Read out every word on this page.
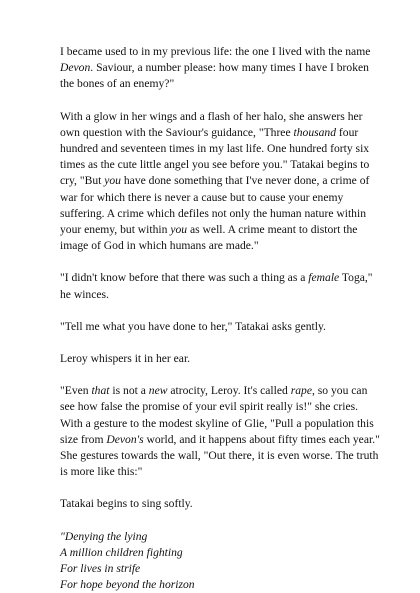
I became used to in my previous life: the one I lived with the name Devon. Saviour, a number please: how many times I have I broken the bones of an enemy?"

With a glow in her wings and a flash of her halo, she answers her own question with the Saviour's guidance, "Three thousand four hundred and seventeen times in my last life. One hundred forty six times as the cute little angel you see before you." Tatakai begins to cry, "But you have done something that I've never done, a crime of war for which there is never a cause but to cause your enemy suffering. A crime which defiles not only the human nature within your enemy, but within you as well. A crime meant to distort the image of God in which humans are made."

"I didn't know before that there was such a thing as a female Toga," he winces.

"Tell me what you have done to her," Tatakai asks gently.

Leroy whispers it in her ear.

"Even that is not a new atrocity, Leroy. It's called rape, so you can see how false the promise of your evil spirit really is!" she cries. With a gesture to the modest skyline of Glie, "Pull a population this size from Devon's world, and it happens about fifty times each year." She gestures towards the wall, "Out there, it is even worse. The truth is more like this:"

Tatakai begins to sing softly.

"Denying the lying
A million children fighting
For lives in strife
For hope beyond the horizon
